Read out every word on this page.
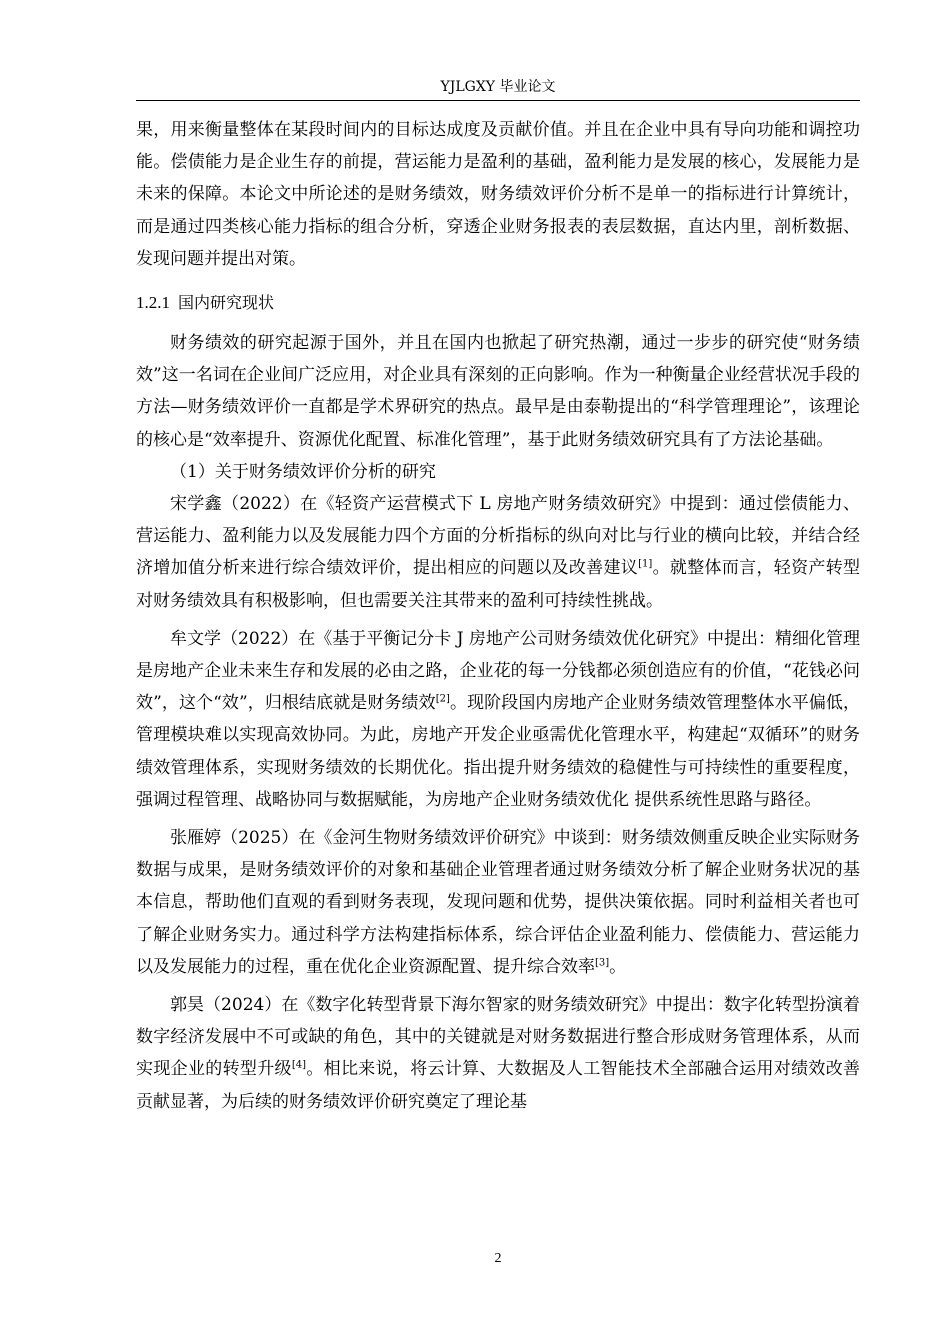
YJLGXY 毕业论文

果，用来衡量整体在某段时间内的目标达成度及贡献价值。并且在企业中具有导向功能和调控功能。偿债能力是企业生存的前提，营运能力是盈利的基础，盈利能力是发展的核心，发展能力是未来的保障。本论文中所论述的是财务绩效，财务绩效评价分析不是单一的指标进行计算统计，而是通过四类核心能力指标的组合分析，穿透企业财务报表的表层数据，直达内里，剖析数据、发现问题并提出对策。

1.2.1 国内研究现状

财务绩效的研究起源于国外，并且在国内也掀起了研究热潮，通过一步步的研究使“财务绩效”这一名词在企业间广泛应用，对企业具有深刻的正向影响。作为一种衡量企业经营状况手段的方法—财务绩效评价一直都是学术界研究的热点。最早是由泰勒提出的“科学管理理论”，该理论的核心是“效率提升、资源优化配置、标准化管理”，基于此财务绩效研究具有了方法论基础。

（1）关于财务绩效评价分析的研究

宋学鑫（2022）在《轻资产运营模式下 L 房地产财务绩效研究》中提到：通过偿债能力、营运能力、盈利能力以及发展能力四个方面的分析指标的纵向对比与行业的横向比较，并结合经济增加值分析来进行综合绩效评价，提出相应的问题以及改善建议[1]。就整体而言，轻资产转型对财务绩效具有积极影响，但也需要关注其带来的盈利可持续性挑战。

牟文学（2022）在《基于平衡记分卡 J 房地产公司财务绩效优化研究》中提出：精细化管理是房地产企业未来生存和发展的必由之路，企业花的每一分钱都必须创造应有的价值，“花钱必问效”，这个“效”，归根结底就是财务绩效[2]。现阶段国内房地产企业财务绩效管理整体水平偏低，管理模块难以实现高效协同。为此，房地产开发企业亟需优化管理水平，构建起“双循环”的财务绩效管理体系，实现财务绩效的长期优化。指出提升财务绩效的稳健性与可持续性的重要程度，强调过程管理、战略协同与数据赋能，为房地产企业财务绩效优化 提供系统性思路与路径。

张雁婷（2025）在《金河生物财务绩效评价研究》中谈到：财务绩效侧重反映企业实际财务数据与成果，是财务绩效评价的对象和基础企业管理者通过财务绩效分析了解企业财务状况的基本信息，帮助他们直观的看到财务表现，发现问题和优势，提供决策依据。同时利益相关者也可了解企业财务实力。通过科学方法构建指标体系，综合评估企业盈利能力、偿债能力、营运能力以及发展能力的过程，重在优化企业资源配置、提升综合效率[3]。

郭昊（2024）在《数字化转型背景下海尔智家的财务绩效研究》中提出：数字化转型扮演着数字经济发展中不可或缺的角色，其中的关键就是对财务数据进行整合形成财务管理体系，从而实现企业的转型升级[4]。相比来说，将云计算、大数据及人工智能技术全部融合运用对绩效改善贡献显著，为后续的财务绩效评价研究奠定了理论基

2
